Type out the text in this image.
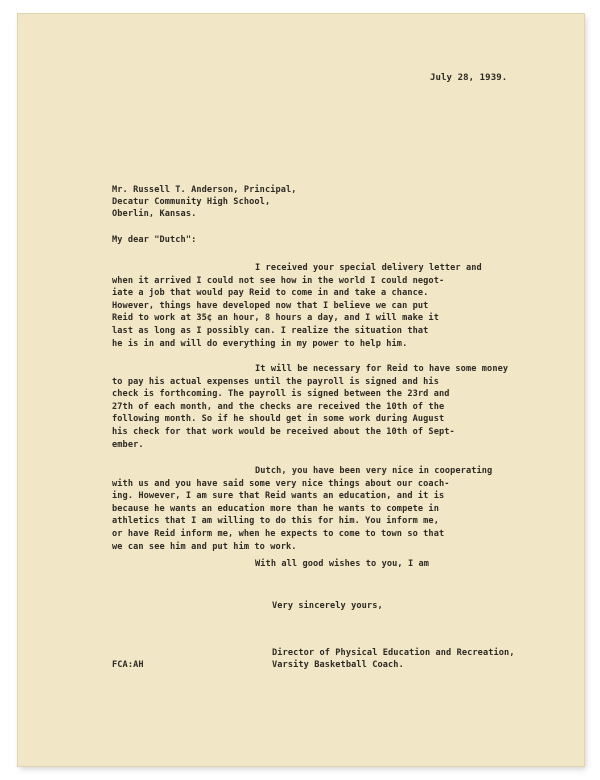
July 28, 1939.
Mr. Russell T. Anderson, Principal,
Decatur Community High School,
Oberlin, Kansas.
My dear "Dutch":
I received your special delivery letter and
when it arrived I could not see how in the world I could negot-
iate a job that would pay Reid to come in and take a chance.
However, things have developed now that I believe we can put
Reid to work at 35¢ an hour, 8 hours a day, and I will make it
last as long as I possibly can. I realize the situation that
he is in and will do everything in my power to help him.
It will be necessary for Reid to have some money
to pay his actual expenses until the payroll is signed and his
check is forthcoming. The payroll is signed between the 23rd and
27th of each month, and the checks are received the 10th of the
following month. So if he should get in some work during August
his check for that work would be received about the 10th of Sept-
ember.
Dutch, you have been very nice in cooperating
with us and you have said some very nice things about our coach-
ing. However, I am sure that Reid wants an education, and it is
because he wants an education more than he wants to compete in
athletics that I am willing to do this for him. You inform me,
or have Reid inform me, when he expects to come to town so that
we can see him and put him to work.
With all good wishes to you, I am
Very sincerely yours,
Director of Physical Education and Recreation,
Varsity Basketball Coach.
FCA:AH
